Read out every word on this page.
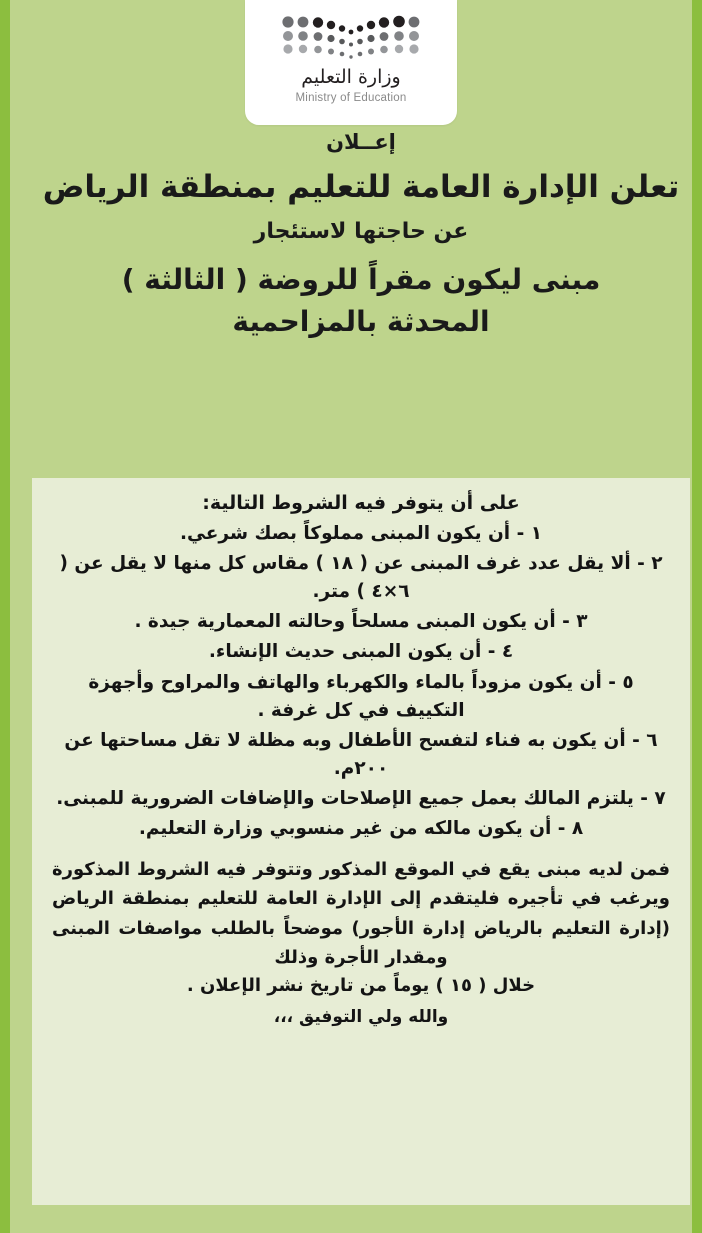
وزارة التعليم
Ministry of Education
إعــلان
تعلن الإدارة العامة للتعليم بمنطقة الرياض
عن حاجتها لاستئجار
مبنى ليكون مقراً للروضة ( الثالثة )
المحدثة بالمزاحمية
على أن يتوفر فيه الشروط التالية:
١ - أن يكون المبنى مملوكاً بصك شرعي.
٢ - ألا يقل عدد غرف المبنى عن ( ١٨ ) مقاس كل منها لا يقل عن ( ٦×٤ ) متر.
٣ - أن يكون المبنى مسلحاً وحالته المعمارية جيدة .
٤ - أن يكون المبنى حديث الإنشاء.
٥ - أن يكون مزوداً بالماء والكهرباء والهاتف والمراوح وأجهزة التكييف في كل غرفة .
٦ - أن يكون به فناء لتفسح الأطفال وبه مظلة لا تقل مساحتها عن ٢٠٠م.
٧ - يلتزم المالك بعمل جميع الإصلاحات والإضافات الضرورية للمبنى.
٨ - أن يكون مالكه من غير منسوبي وزارة التعليم.
فمن لديه مبنى يقع في الموقع المذكور وتتوفر فيه الشروط المذكورة ويرغب في تأجيره فليتقدم إلى الإدارة العامة للتعليم بمنطقة الرياض (إدارة التعليم بالرياض إدارة الأجور) موضحاً بالطلب مواصفات المبنى ومقدار الأجرة وذلك
خلال ( ١٥ ) يوماً من تاريخ نشر الإعلان .
والله ولي التوفيق ،،،
